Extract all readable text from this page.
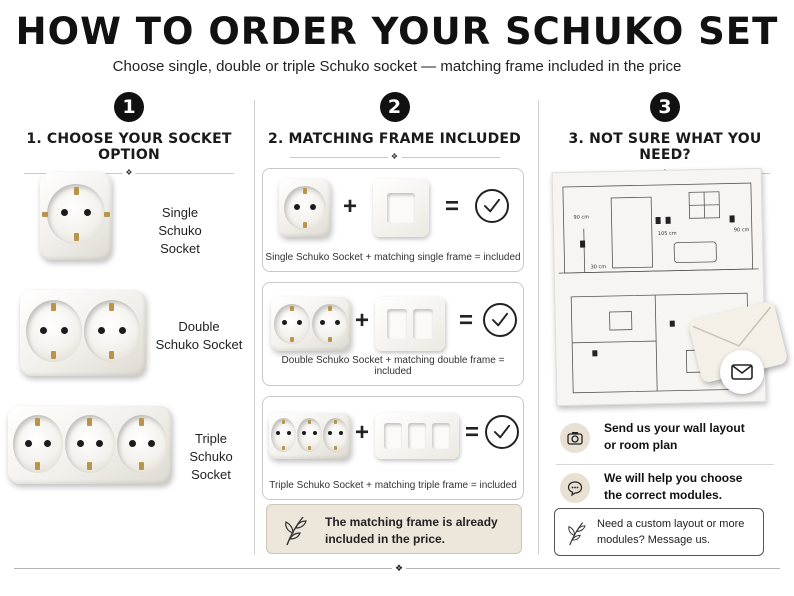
HOW TO ORDER YOUR SCHUKO SET
Choose single, double or triple Schuko socket — matching frame included in the price
1
1. CHOOSE YOUR SOCKET OPTION
❖
Single
Schuko Socket
Double
Schuko Socket
Triple
Schuko Socket
2
2. MATCHING FRAME INCLUDED
❖
+	=
Single Schuko Socket + matching single frame = included
+	=
Double Schuko Socket + matching double frame = included
+	=
Triple Schuko Socket + matching triple frame = included
The matching frame is already
included in the price.
3
3. NOT SURE WHAT YOU NEED?
90 cm
105 cm
90 cm
30 cm
Send us your wall layout
or room plan
We will help you choose
the correct modules.
Need a custom layout or more
modules? Message us.
❖
